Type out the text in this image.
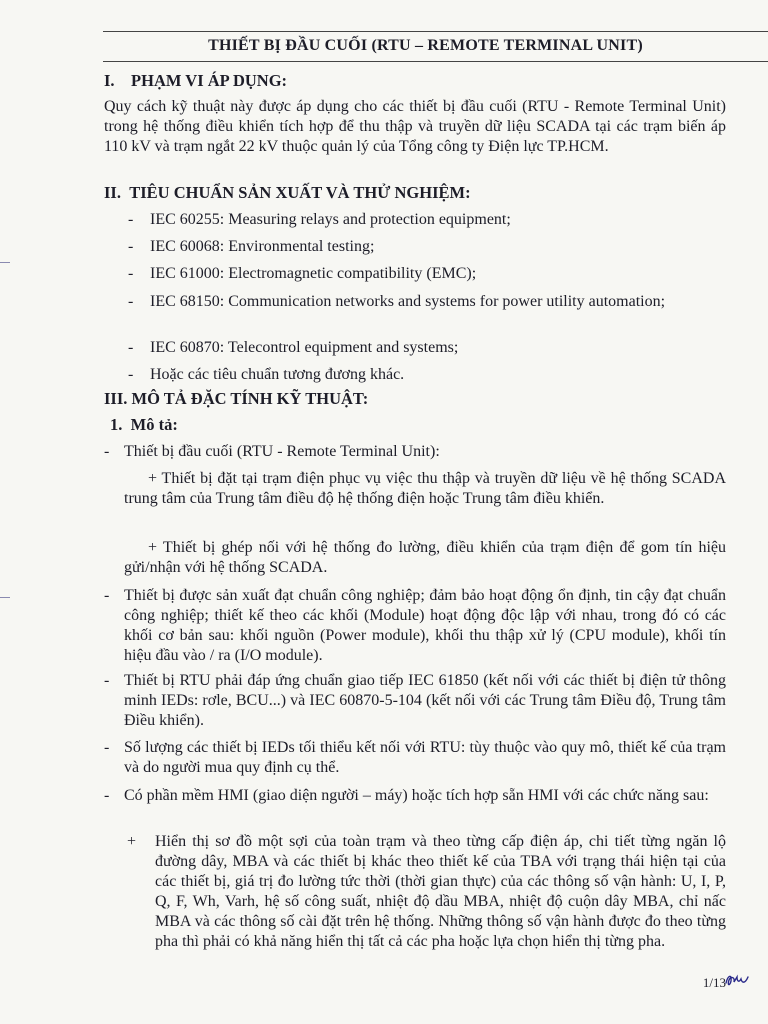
THIẾT BỊ ĐẦU CUỐI (RTU – REMOTE TERMINAL UNIT)
I. PHẠM VI ÁP DỤNG:
Quy cách kỹ thuật này được áp dụng cho các thiết bị đầu cuối (RTU - Remote Terminal Unit) trong hệ thống điều khiển tích hợp để thu thập và truyền dữ liệu SCADA tại các trạm biến áp 110 kV và trạm ngắt 22 kV thuộc quản lý của Tổng công ty Điện lực TP.HCM.
II. TIÊU CHUẨN SẢN XUẤT VÀ THỬ NGHIỆM:
- IEC 60255: Measuring relays and protection equipment;
- IEC 60068: Environmental testing;
- IEC 61000: Electromagnetic compatibility (EMC);
- IEC 68150: Communication networks and systems for power utility automation;
- IEC 60870: Telecontrol equipment and systems;
- Hoặc các tiêu chuẩn tương đương khác.
III. MÔ TẢ ĐẶC TÍNH KỸ THUẬT:
1. Mô tả:
- Thiết bị đầu cuối (RTU - Remote Terminal Unit):
+ Thiết bị đặt tại trạm điện phục vụ việc thu thập và truyền dữ liệu về hệ thống SCADA trung tâm của Trung tâm điều độ hệ thống điện hoặc Trung tâm điều khiển.
+ Thiết bị ghép nối với hệ thống đo lường, điều khiển của trạm điện để gom tín hiệu gửi/nhận với hệ thống SCADA.
- Thiết bị được sản xuất đạt chuẩn công nghiệp; đảm bảo hoạt động ổn định, tin cậy đạt chuẩn công nghiệp; thiết kế theo các khối (Module) hoạt động độc lập với nhau, trong đó có các khối cơ bản sau: khối nguồn (Power module), khối thu thập xử lý (CPU module), khối tín hiệu đầu vào / ra (I/O module).
- Thiết bị RTU phải đáp ứng chuẩn giao tiếp IEC 61850 (kết nối với các thiết bị điện tử thông minh IEDs: rơle, BCU...) và IEC 60870-5-104 (kết nối với các Trung tâm Điều độ, Trung tâm Điều khiển).
- Số lượng các thiết bị IEDs tối thiểu kết nối với RTU: tùy thuộc vào quy mô, thiết kế của trạm và do người mua quy định cụ thể.
- Có phần mềm HMI (giao diện người – máy) hoặc tích hợp sẵn HMI với các chức năng sau:
+ Hiển thị sơ đồ một sợi của toàn trạm và theo từng cấp điện áp, chi tiết từng ngăn lộ đường dây, MBA và các thiết bị khác theo thiết kế của TBA với trạng thái hiện tại của các thiết bị, giá trị đo lường tức thời (thời gian thực) của các thông số vận hành: U, I, P, Q, F, Wh, Varh, hệ số công suất, nhiệt độ dầu MBA, nhiệt độ cuộn dây MBA, chỉ nấc MBA và các thông số cài đặt trên hệ thống. Những thông số vận hành được đo theo từng pha thì phải có khả năng hiển thị tất cả các pha hoặc lựa chọn hiển thị từng pha.
1/13
